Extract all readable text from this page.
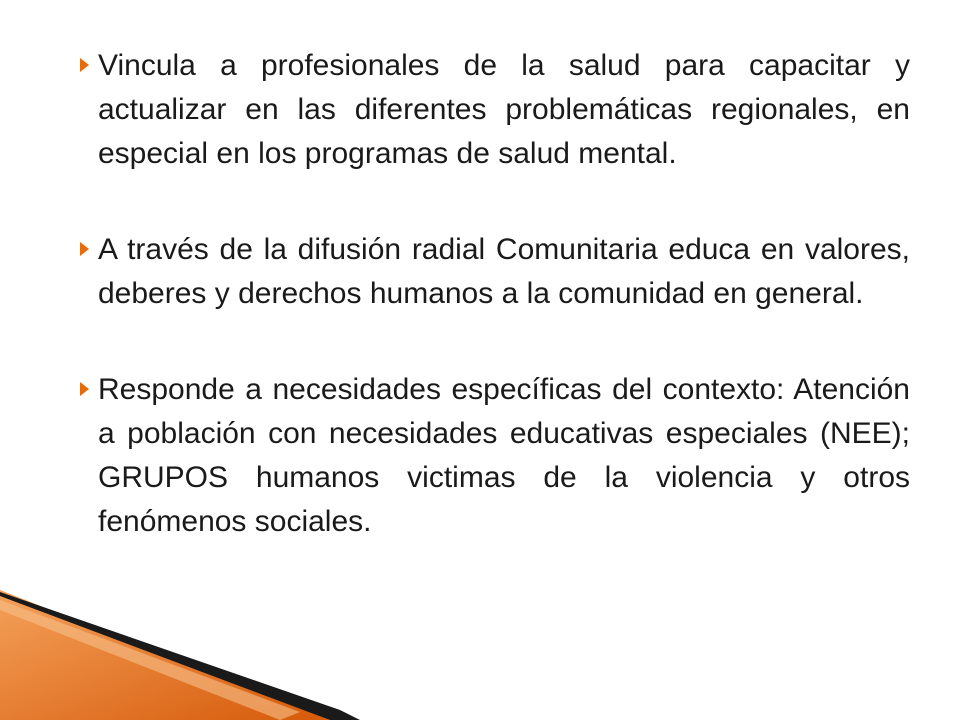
Vincula a profesionales de la salud para capacitar y actualizar en las diferentes problemáticas regionales, en especial en los programas de salud mental.
A través de la difusión radial Comunitaria educa en valores, deberes y derechos humanos a la comunidad en general.
Responde a necesidades específicas del contexto: Atención a población con necesidades educativas especiales (NEE); GRUPOS humanos victimas de la violencia y otros fenómenos sociales.
